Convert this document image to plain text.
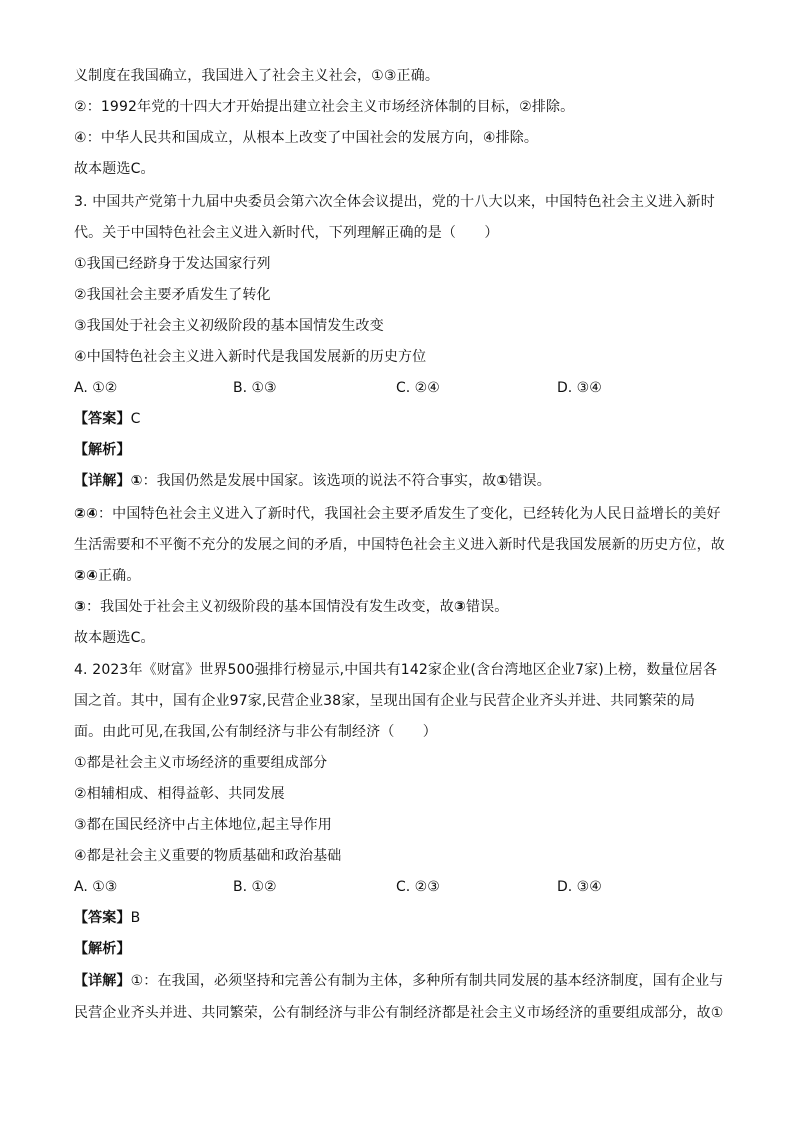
义制度在我国确立，我国进入了社会主义社会，①③正确。
②：1992年党的十四大才开始提出建立社会主义市场经济体制的目标，②排除。
④：中华人民共和国成立，从根本上改变了中国社会的发展方向，④排除。
故本题选C。
3. 中国共产党第十九届中央委员会第六次全体会议提出，党的十八大以来，中国特色社会主义进入新时
代。关于中国特色社会主义进入新时代，下列理解正确的是（　　）
①我国已经跻身于发达国家行列
②我国社会主要矛盾发生了转化
③我国处于社会主义初级阶段的基本国情发生改变
④中国特色社会主义进入新时代是我国发展新的历史方位
A. ①②	B. ①③	C. ②④	D. ③④
【答案】C
【解析】
【详解】①：我国仍然是发展中国家。该选项的说法不符合事实，故①错误。
②④：中国特色社会主义进入了新时代，我国社会主要矛盾发生了变化，已经转化为人民日益增长的美好
生活需要和不平衡不充分的发展之间的矛盾，中国特色社会主义进入新时代是我国发展新的历史方位，故
②④正确。
③：我国处于社会主义初级阶段的基本国情没有发生改变，故③错误。
故本题选C。
4. 2023年《财富》世界500强排行榜显示,中国共有142家企业(含台湾地区企业7家)上榜，数量位居各
国之首。其中，国有企业97家,民营企业38家，呈现出国有企业与民营企业齐头并进、共同繁荣的局
面。由此可见,在我国,公有制经济与非公有制经济（　　）
①都是社会主义市场经济的重要组成部分
②相辅相成、相得益彰、共同发展
③都在国民经济中占主体地位,起主导作用
④都是社会主义重要的物质基础和政治基础
A. ①③	B. ①②	C. ②③	D. ③④
【答案】B
【解析】
【详解】①：在我国，必须坚持和完善公有制为主体，多种所有制共同发展的基本经济制度，国有企业与
民营企业齐头并进、共同繁荣，公有制经济与非公有制经济都是社会主义市场经济的重要组成部分，故①
